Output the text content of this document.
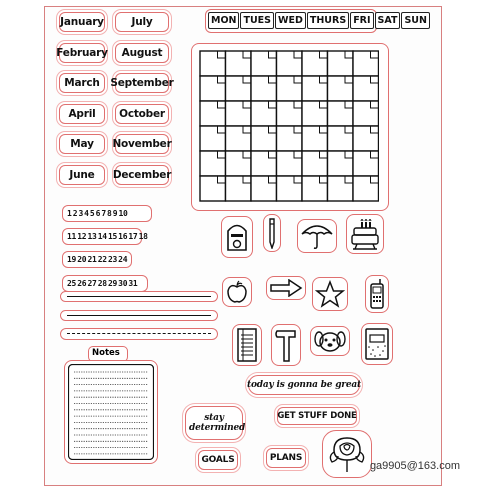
January
February
March
April
May
June
July
August
September
October
November
December
MON TUES WED THURS FRI SAT SUN
1 2 3 4 5 6 7 8 9 10
11 12 13 14 15 16 17 18
19 20 21 22 23 24
25 26 27 28 29 30 31
Notes
today is gonna be great
GET STUFF DONE
stay determined
GOALS	PLANS
ga9905@163.com
